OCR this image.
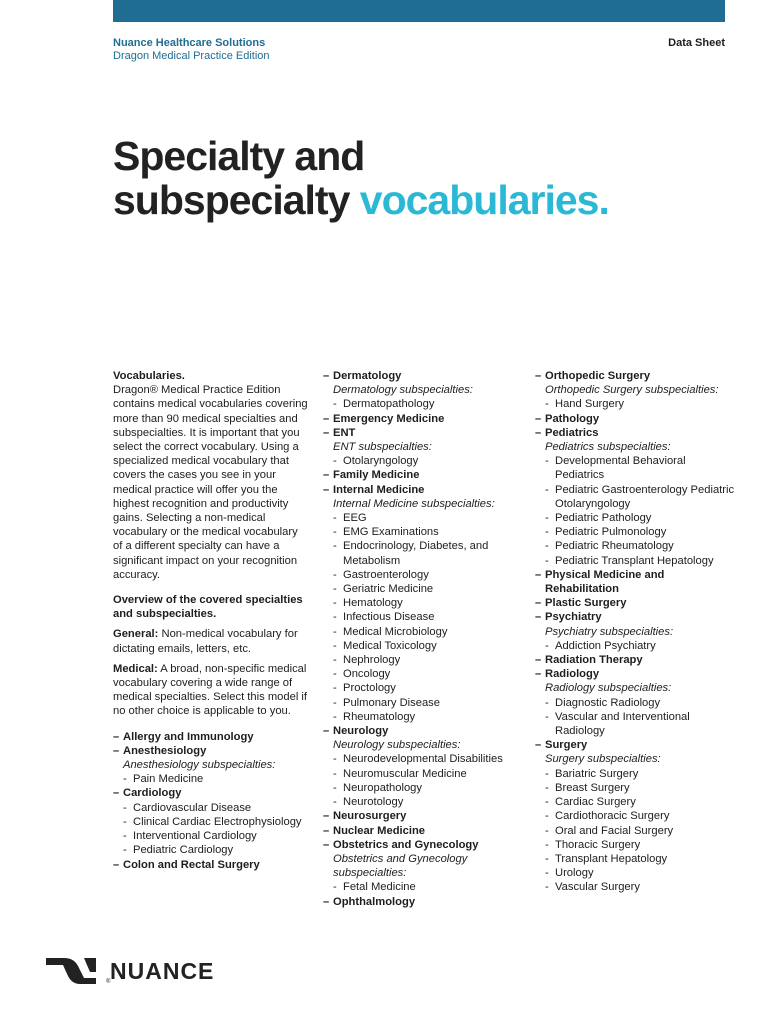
Nuance Healthcare Solutions
Dragon Medical Practice Edition
Data Sheet
Specialty and
subspecialty vocabularies.

Vocabularies.

Dragon® Medical Practice Edition contains medical vocabularies covering more than 90 medical specialties and subspecialties. It is important that you select the correct vocabulary. Using a specialized medical vocabulary that covers the cases you see in your medical practice will offer you the highest recognition and productivity gains. Selecting a non-medical vocabulary or the medical vocabulary of a different specialty can have a significant impact on your recognition accuracy.

Overview of the covered specialties and subspecialties.

General: Non-medical vocabulary for dictating emails, letters, etc.

Medical: A broad, non-specific medical vocabulary covering a wide range of medical specialties. Select this model if no other choice is applicable to you.

– Allergy and Immunology

– Anesthesiology

Anesthesiology subspecialties:

- Pain Medicine

– Cardiology

- Cardiovascular Disease

- Clinical Cardiac Electrophysiology

- Interventional Cardiology

- Pediatric Cardiology

– Colon and Rectal Surgery

– Dermatology

Dermatology subspecialties:

- Dermatopathology

– Emergency Medicine

– ENT

ENT subspecialties:

- Otolaryngology

– Family Medicine

– Internal Medicine

Internal Medicine subspecialties:

- EEG

- EMG Examinations

- Endocrinology, Diabetes, and Metabolism

- Gastroenterology

- Geriatric Medicine

- Hematology

- Infectious Disease

- Medical Microbiology

- Medical Toxicology

- Nephrology

- Oncology

- Proctology

- Pulmonary Disease

- Rheumatology

– Neurology

Neurology subspecialties:

- Neurodevelopmental Disabilities

- Neuromuscular Medicine

- Neuropathology

- Neurotology

– Neurosurgery

– Nuclear Medicine

– Obstetrics and Gynecology

Obstetrics and Gynecology subspecialties:

- Fetal Medicine

– Ophthalmology

– Orthopedic Surgery

Orthopedic Surgery subspecialties:

- Hand Surgery

– Pathology

– Pediatrics

Pediatrics subspecialties:

- Developmental Behavioral Pediatrics

- Pediatric Gastroenterology Pediatric Otolaryngology

- Pediatric Pathology

- Pediatric Pulmonology

- Pediatric Rheumatology

- Pediatric Transplant Hepatology

– Physical Medicine and Rehabilitation

– Plastic Surgery

– Psychiatry

Psychiatry subspecialties:

- Addiction Psychiatry

– Radiation Therapy

– Radiology

Radiology subspecialties:

- Diagnostic Radiology

- Vascular and Interventional Radiology

– Surgery

Surgery subspecialties:

- Bariatric Surgery

- Breast Surgery

- Cardiac Surgery

- Cardiothoracic Surgery

- Oral and Facial Surgery

- Thoracic Surgery

- Transplant Hepatology

- Urology

- Vascular Surgery

NUANCE
®
